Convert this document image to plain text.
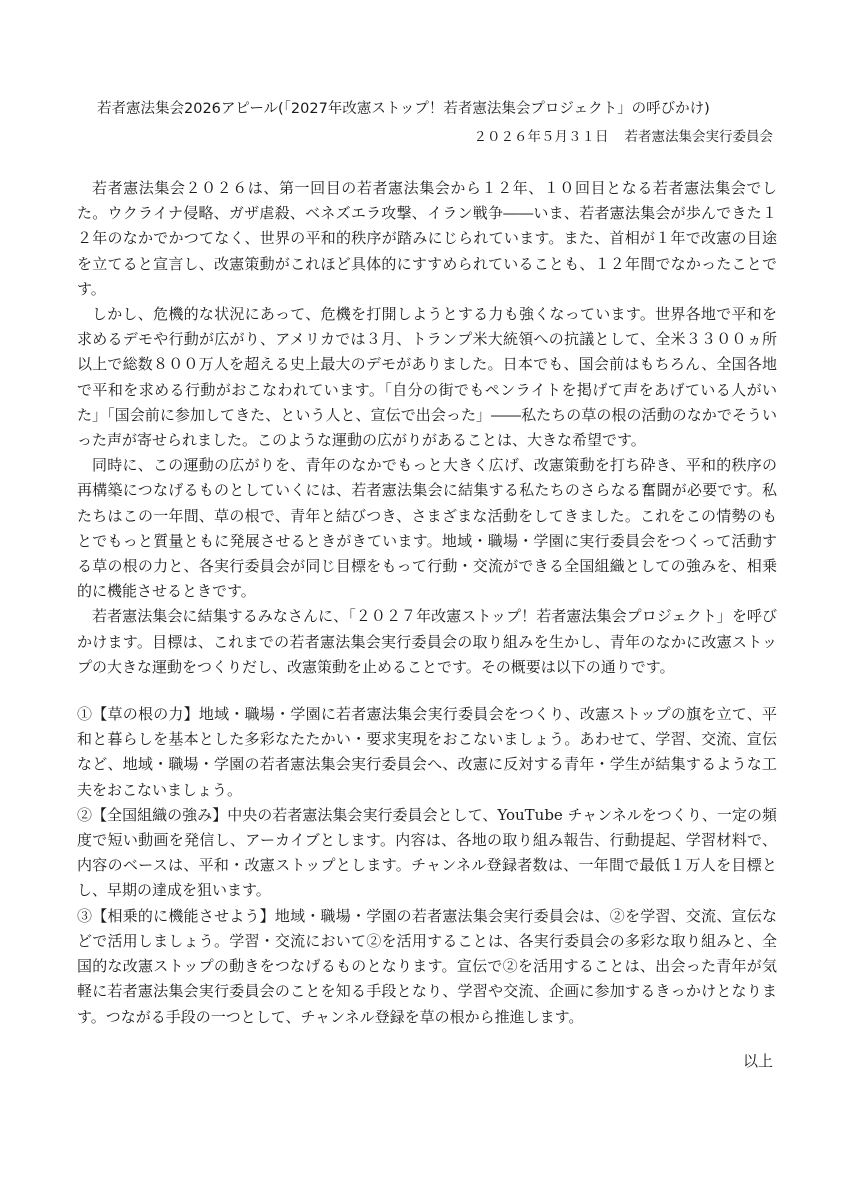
若者憲法集会2026アピール(「2027年改憲ストップ！若者憲法集会プロジェクト」の呼びかけ)

２０２６年５月３１日 若者憲法集会実行委員会

若者憲法集会２０２６は、第一回目の若者憲法集会から１２年、１０回目となる若者憲法集会でした。ウクライナ侵略、ガザ虐殺、ベネズエラ攻撃、イラン戦争――いま、若者憲法集会が歩んできた１２年のなかでかつてなく、世界の平和的秩序が踏みにじられています。また、首相が１年で改憲の目途を立てると宣言し、改憲策動がこれほど具体的にすすめられていることも、１２年間でなかったことです。

しかし、危機的な状況にあって、危機を打開しようとする力も強くなっています。世界各地で平和を求めるデモや行動が広がり、アメリカでは３月、トランプ米大統領への抗議として、全米３３００ヵ所以上で総数８００万人を超える史上最大のデモがありました。日本でも、国会前はもちろん、全国各地で平和を求める行動がおこなわれています。「自分の街でもペンライトを掲げて声をあげている人がいた」「国会前に参加してきた、という人と、宣伝で出会った」――私たちの草の根の活動のなかでそういった声が寄せられました。このような運動の広がりがあることは、大きな希望です。

同時に、この運動の広がりを、青年のなかでもっと大きく広げ、改憲策動を打ち砕き、平和的秩序の再構築につなげるものとしていくには、若者憲法集会に結集する私たちのさらなる奮闘が必要です。私たちはこの一年間、草の根で、青年と結びつき、さまざまな活動をしてきました。これをこの情勢のもとでもっと質量ともに発展させるときがきています。地域・職場・学園に実行委員会をつくって活動する草の根の力と、各実行委員会が同じ目標をもって行動・交流ができる全国組織としての強みを、相乗的に機能させるときです。

若者憲法集会に結集するみなさんに、「２０２７年改憲ストップ！若者憲法集会プロジェクト」を呼びかけます。目標は、これまでの若者憲法集会実行委員会の取り組みを生かし、青年のなかに改憲ストップの大きな運動をつくりだし、改憲策動を止めることです。その概要は以下の通りです。

①【草の根の力】地域・職場・学園に若者憲法集会実行委員会をつくり、改憲ストップの旗を立て、平和と暮らしを基本とした多彩なたたかい・要求実現をおこないましょう。あわせて、学習、交流、宣伝など、地域・職場・学園の若者憲法集会実行委員会へ、改憲に反対する青年・学生が結集するような工夫をおこないましょう。

②【全国組織の強み】中央の若者憲法集会実行委員会として、YouTube チャンネルをつくり、一定の頻度で短い動画を発信し、アーカイブとします。内容は、各地の取り組み報告、行動提起、学習材料で、内容のベースは、平和・改憲ストップとします。チャンネル登録者数は、一年間で最低１万人を目標とし、早期の達成を狙います。

③【相乗的に機能させよう】地域・職場・学園の若者憲法集会実行委員会は、②を学習、交流、宣伝などで活用しましょう。学習・交流において②を活用することは、各実行委員会の多彩な取り組みと、全国的な改憲ストップの動きをつなげるものとなります。宣伝で②を活用することは、出会った青年が気軽に若者憲法集会実行委員会のことを知る手段となり、学習や交流、企画に参加するきっかけとなります。つながる手段の一つとして、チャンネル登録を草の根から推進します。

以上
